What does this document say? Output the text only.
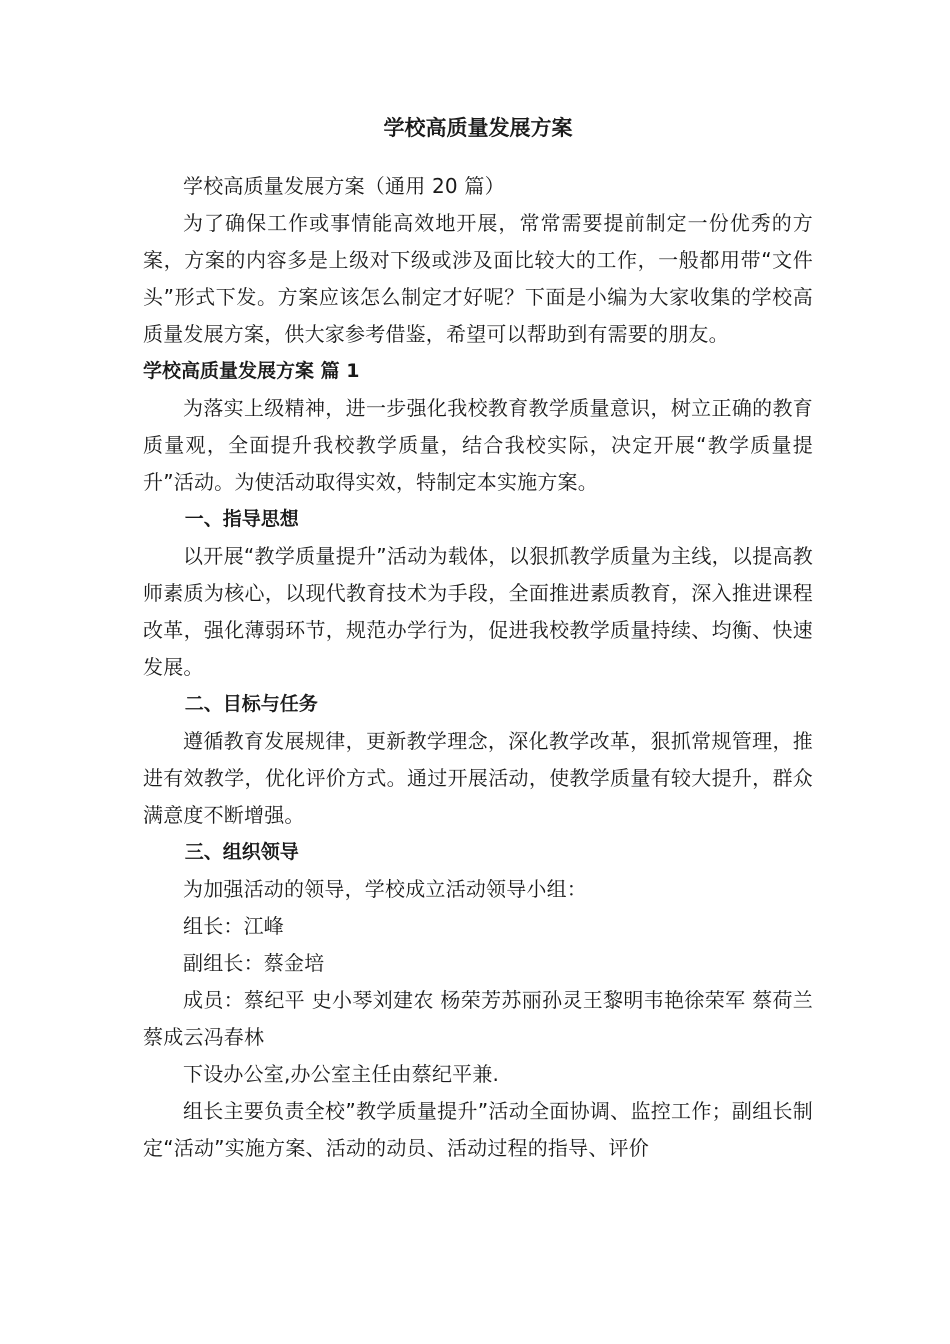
学校高质量发展方案

学校高质量发展方案（通用 20 篇）

为了确保工作或事情能高效地开展，常常需要提前制定一份优秀的方案，方案的内容多是上级对下级或涉及面比较大的工作，一般都用带“文件头”形式下发。方案应该怎么制定才好呢？下面是小编为大家收集的学校高质量发展方案，供大家参考借鉴，希望可以帮助到有需要的朋友。

学校高质量发展方案 篇 1

为落实上级精神，进一步强化我校教育教学质量意识，树立正确的教育质量观，全面提升我校教学质量，结合我校实际，决定开展“教学质量提升”活动。为使活动取得实效，特制定本实施方案。

一、指导思想

以开展“教学质量提升”活动为载体，以狠抓教学质量为主线，以提高教师素质为核心，以现代教育技术为手段，全面推进素质教育，深入推进课程改革，强化薄弱环节，规范办学行为，促进我校教学质量持续、均衡、快速发展。

二、目标与任务

遵循教育发展规律，更新教学理念，深化教学改革，狠抓常规管理，推进有效教学，优化评价方式。通过开展活动，使教学质量有较大提升，群众满意度不断增强。

三、组织领导

为加强活动的领导，学校成立活动领导小组：

组长：江峰

副组长：蔡金培

成员：蔡纪平 史小琴刘建农 杨荣芳苏丽孙灵王黎明韦艳徐荣军 蔡荷兰蔡成云冯春林

下设办公室,办公室主任由蔡纪平兼.

组长主要负责全校”教学质量提升”活动全面协调、监控工作；副组长制定“活动”实施方案、活动的动员、活动过程的指导、评价
